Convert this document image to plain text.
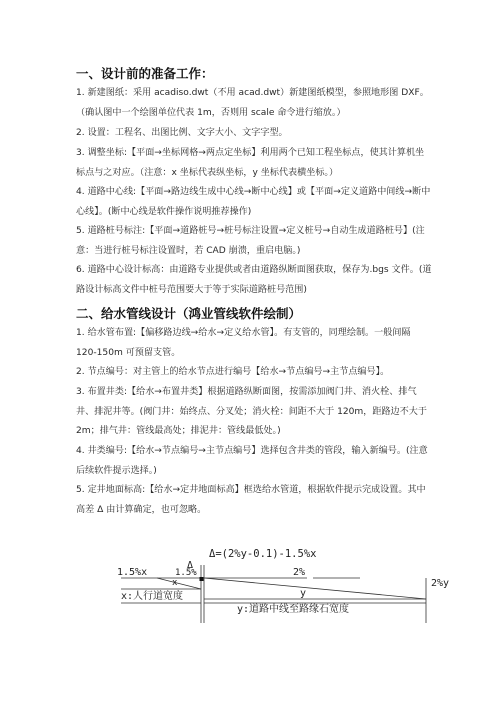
一、设计前的准备工作：
1. 新建图纸：采用 acadiso.dwt（不用 acad.dwt）新建图纸模型，参照地形图 DXF。（确认图中一个绘图单位代表 1m，否则用 scale 命令进行缩放。）
2. 设置：工程名、出图比例、文字大小、文字字型。
3. 调整坐标:【平面→坐标网格→两点定坐标】利用两个已知工程坐标点，使其计算机坐标点与之对应。（注意：x 坐标代表纵坐标，y 坐标代表横坐标。）
4. 道路中心线:【平面→路边线生成中心线→断中心线】或【平面→定义道路中间线→断中心线】。(断中心线是软件操作说明推荐操作)
5. 道路桩号标注:【平面→道路桩号→桩号标注设置→定义桩号→自动生成道路桩号】(注意：当进行桩号标注设置时，若 CAD 崩溃，重启电脑。)
6. 道路中心设计标高：由道路专业提供或者由道路纵断面图获取，保存为.bgs 文件。(道路设计标高文件中桩号范围要大于等于实际道路桩号范围)
二、给水管线设计（鸿业管线软件绘制）
1. 给水管布置:【偏移路边线→给水→定义给水管】。有支管的，同理绘制。一般间隔 120-150m 可预留支管。
2. 节点编号：对主管上的给水节点进行编号【给水→节点编号→主节点编号】。
3. 布置井类:【给水→布置井类】根据道路纵断面图，按需添加阀门井、消火栓、排气井、排泥井等。(阀门井：始终点、分叉处；消火栓：间距不大于 120m，距路边不大于 2m；排气井：管线最高处；排泥井：管线最低处。)
4. 井类编号:【给水→节点编号→主节点编号】选择包含井类的管段，输入新编号。(注意后续软件提示选择。)
5. 定井地面标高:【给水→定井地面标高】框选给水管道，根据软件提示完成设置。其中高差 Δ 由计算确定，也可忽略。
Δ=(2%y-0.1)-1.5%x
Δ
1.5%x	1.5%
x
2%
y
2%y
x:人行道宽度
y:道路中线至路缘石宽度
